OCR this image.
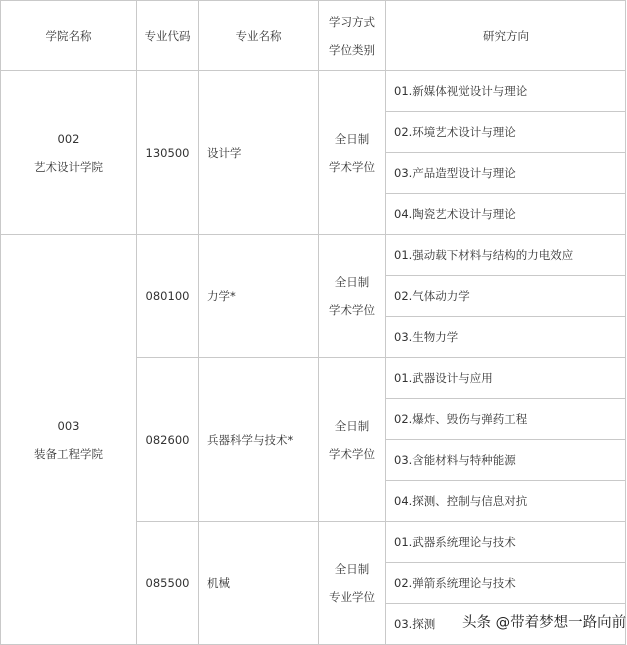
学院名称	专业代码	专业名称
学习方式
学位类别
研究方向
002
艺术设计学院
130500 设计学
全日制
学术学位
01.新媒体视觉设计与理论
02.环境艺术设计与理论
03.产品造型设计与理论
04.陶瓷艺术设计与理论
003
装备工程学院
080100 力学*
全日制
学术学位
01.强动载下材料与结构的力电效应
02.气体动力学
03.生物力学
082600 兵器科学与技术*
全日制
学术学位
01.武器设计与应用
02.爆炸、毁伤与弹药工程
03.含能材料与特种能源
04.探测、控制与信息对抗
085500 机械
全日制
专业学位
01.武器系统理论与技术
02.弹箭系统理论与技术
03.探测 头条 @带着梦想一路向前
